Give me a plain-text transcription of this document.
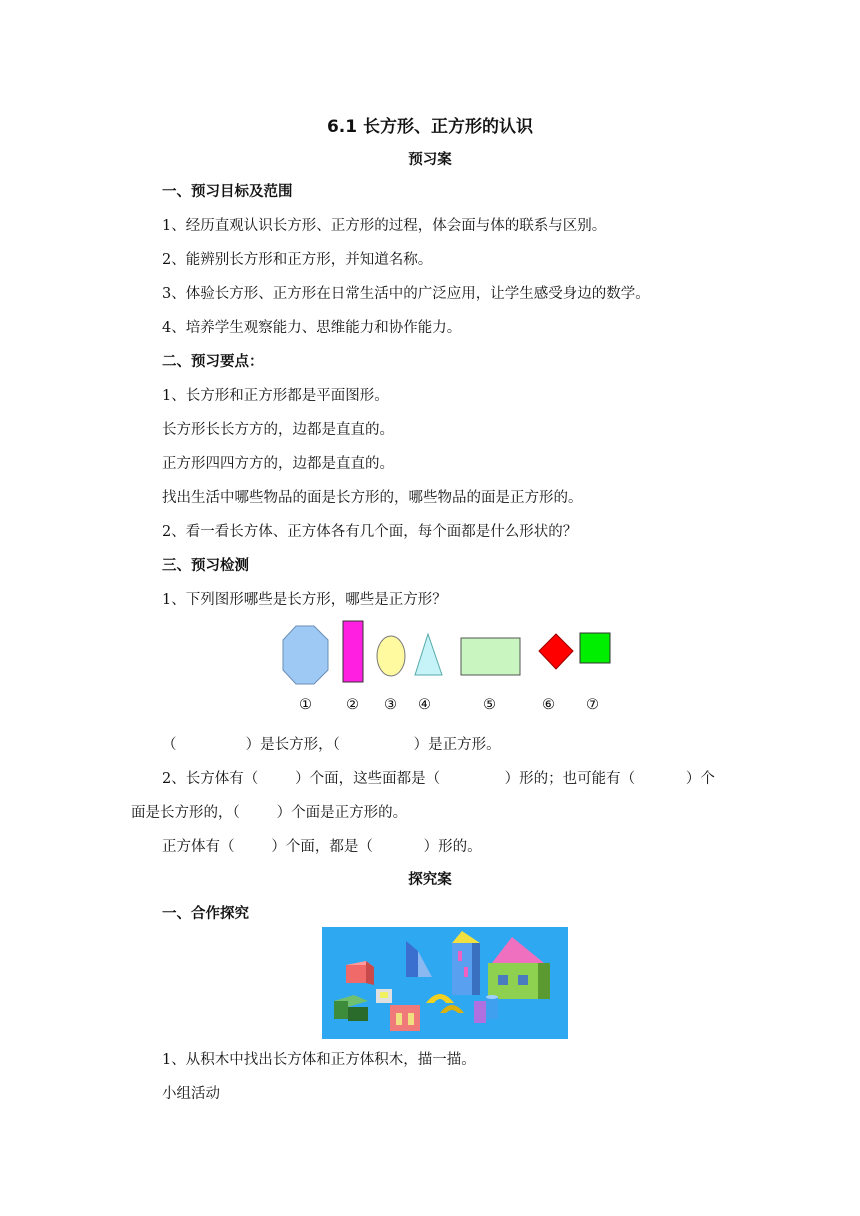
6.1 长方形、正方形的认识
预习案
一、预习目标及范围
1、经历直观认识长方形、正方形的过程，体会面与体的联系与区别。
2、能辨别长方形和正方形，并知道名称。
3、体验长方形、正方形在日常生活中的广泛应用，让学生感受身边的数学。
4、培养学生观察能力、思维能力和协作能力。
二、预习要点：
1、长方形和正方形都是平面图形。
长方形长长方方的，边都是直直的。
正方形四四方方的，边都是直直的。
找出生活中哪些物品的面是长方形的，哪些物品的面是正方形的。
2、看一看长方体、正方体各有几个面，每个面都是什么形状的？
三、预习检测
1、下列图形哪些是长方形，哪些是正方形？
① ② ③ ④	⑤	⑥ ⑦
（               ）是长方形，（                ）是正方形。
2、长方体有（        ）个面，这些面都是（              ）形的；也可能有（           ）个
面是长方形的，（        ）个面是正方形的。
正方体有（        ）个面，都是（           ）形的。
探究案
一、合作探究
1、从积木中找出长方体和正方体积木，描一描。
小组活动
